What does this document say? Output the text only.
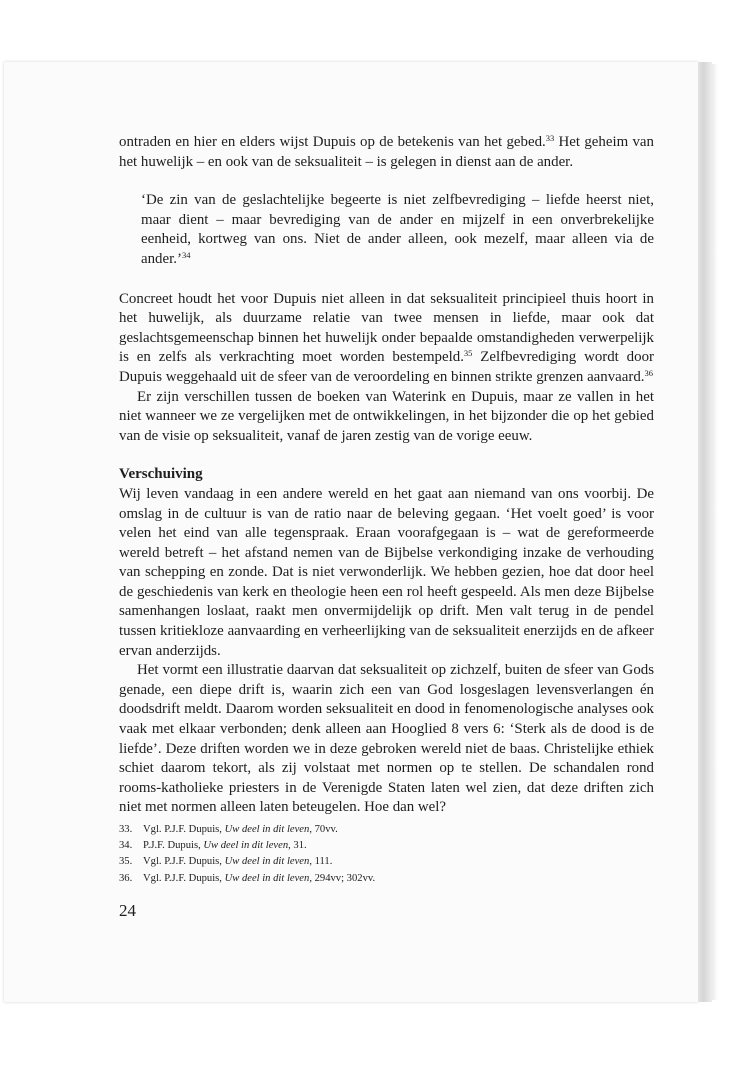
ontraden en hier en elders wijst Dupuis op de betekenis van het gebed.$^{33}$ Het geheim van het huwelijk – en ook van de seksualiteit – is gelegen in dienst aan de ander.

‘De zin van de geslachtelijke begeerte is niet zelfbevrediging – liefde heerst niet, maar dient – maar bevrediging van de ander en mijzelf in een onverbrekelijke eenheid, kortweg van ons. Niet de ander alleen, ook mezelf, maar alleen via de ander.’$^{34}$

Concreet houdt het voor Dupuis niet alleen in dat seksualiteit principieel thuis hoort in het huwelijk, als duurzame relatie van twee mensen in liefde, maar ook dat geslachtsgemeenschap binnen het huwelijk onder bepaalde omstandigheden verwerpelijk is en zelfs als verkrachting moet worden bestempeld.$^{35}$ Zelfbevrediging wordt door Dupuis weggehaald uit de sfeer van de veroordeling en binnen strikte grenzen aanvaard.$^{36}$

Er zijn verschillen tussen de boeken van Waterink en Dupuis, maar ze vallen in het niet wanneer we ze vergelijken met de ontwikkelingen, in het bijzonder die op het gebied van de visie op seksualiteit, vanaf de jaren zestig van de vorige eeuw.

Verschuiving

Wij leven vandaag in een andere wereld en het gaat aan niemand van ons voorbij. De omslag in de cultuur is van de ratio naar de beleving gegaan. ‘Het voelt goed’ is voor velen het eind van alle tegenspraak. Eraan voorafgegaan is – wat de gereformeerde wereld betreft – het afstand nemen van de Bijbelse verkondiging inzake de verhouding van schepping en zonde. Dat is niet verwonderlijk. We hebben gezien, hoe dat door heel de geschiedenis van kerk en theologie heen een rol heeft gespeeld. Als men deze Bijbelse samenhangen loslaat, raakt men onvermijdelijk op drift. Men valt terug in de pendel tussen kritiekloze aanvaarding en verheerlijking van de seksualiteit enerzijds en de afkeer ervan anderzijds.

Het vormt een illustratie daarvan dat seksualiteit op zichzelf, buiten de sfeer van Gods genade, een diepe drift is, waarin zich een van God losgeslagen levensverlangen én doodsdrift meldt. Daarom worden seksualiteit en dood in fenomenologische analyses ook vaak met elkaar verbonden; denk alleen aan Hooglied 8 vers 6: ‘Sterk als de dood is de liefde’. Deze driften worden we in deze gebroken wereld niet de baas. Christelijke ethiek schiet daarom tekort, als zij volstaat met normen op te stellen. De schandalen rond rooms-katholieke priesters in de Verenigde Staten laten wel zien, dat deze driften zich niet met normen alleen laten beteugelen. Hoe dan wel?

33.	Vgl. P.J.F. Dupuis, Uw deel in dit leven, 70vv.
34.	P.J.F. Dupuis, Uw deel in dit leven, 31.
35.	Vgl. P.J.F. Dupuis, Uw deel in dit leven, 111.
36.	Vgl. P.J.F. Dupuis, Uw deel in dit leven, 294vv; 302vv.
24
